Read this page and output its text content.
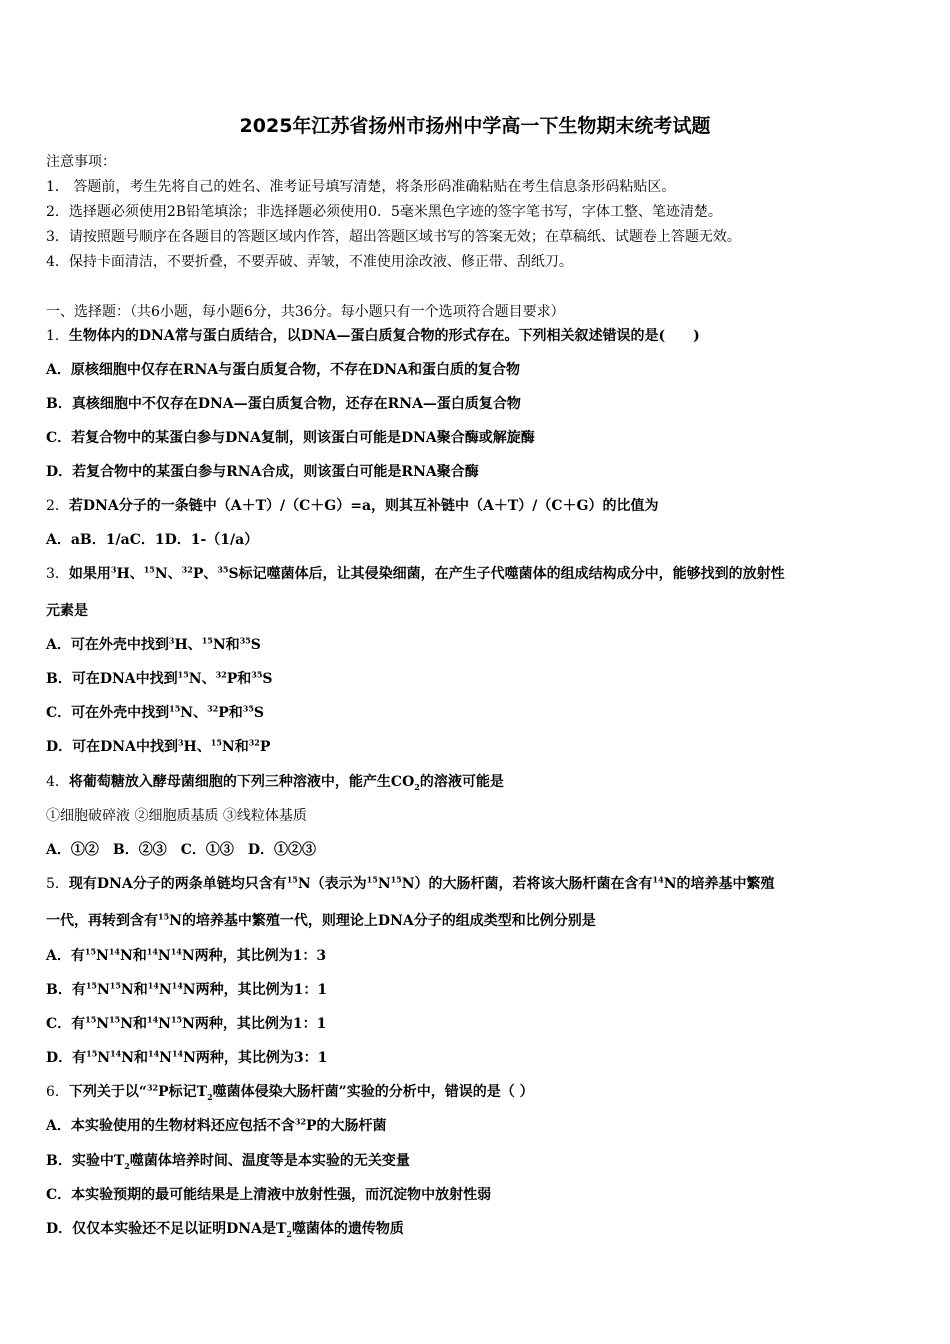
2025年江苏省扬州市扬州中学高一下生物期末统考试题
注意事项：
1． 答题前，考生先将自己的姓名、准考证号填写清楚，将条形码准确粘贴在考生信息条形码粘贴区。
2．选择题必须使用2B铅笔填涂；非选择题必须使用0．5毫米黑色字迹的签字笔书写，字体工整、笔迹清楚。
3．请按照题号顺序在各题目的答题区域内作答，超出答题区域书写的答案无效；在草稿纸、试题卷上答题无效。
4．保持卡面清洁，不要折叠，不要弄破、弄皱，不准使用涂改液、修正带、刮纸刀。
一、选择题：（共6小题，每小题6分，共36分。每小题只有一个选项符合题目要求）
1．生物体内的DNA常与蛋白质结合，以DNA—蛋白质复合物的形式存在。下列相关叙述错误的是(　　)
A．原核细胞中仅存在RNA与蛋白质复合物，不存在DNA和蛋白质的复合物
B．真核细胞中不仅存在DNA—蛋白质复合物，还存在RNA—蛋白质复合物
C．若复合物中的某蛋白参与DNA复制，则该蛋白可能是DNA聚合酶或解旋酶
D．若复合物中的某蛋白参与RNA合成，则该蛋白可能是RNA聚合酶
2．若DNA分子的一条链中（A＋T）/（C＋G）=a，则其互补链中（A＋T）/（C＋G）的比值为
A．aB．1/aC．1D．1-（1/a）
3．如果用$^3$H、$^{15}$N、$^{32}$P、$^{35}$S标记噬菌体后，让其侵染细菌，在产生子代噬菌体的组成结构成分中，能够找到的放射性
元素是
A．可在外壳中找到$^3$H、$^{15}$N和$^{35}$S
B．可在DNA中找到$^{15}$N、$^{32}$P和$^{35}$S
C．可在外壳中找到$^{15}$N、$^{32}$P和$^{35}$S
D．可在DNA中找到$^3$H、$^{15}$N和$^{32}$P
4．将葡萄糖放入酵母菌细胞的下列三种溶液中，能产生$CO_2$的溶液可能是
①细胞破碎液 ②细胞质基质 ③线粒体基质
A．①②　B．②③　C．①③　D．①②③
5．现有DNA分子的两条单链均只含有$^{15}$N（表示为$^{15}N^{15}N$）的大肠杆菌，若将该大肠杆菌在含有$^{14}$N的培养基中繁殖
一代，再转到含有$^{15}$N的培养基中繁殖一代，则理论上DNA分子的组成类型和比例分别是
A．有$^{15}N^{14}N$和$^{14}N^{14}N$两种，其比例为1：3
B．有$^{15}N^{15}N$和$^{14}N^{14}N$两种，其比例为1：1
C．有$^{15}N^{15}N$和$^{14}N^{15}N$两种，其比例为1：1
D．有$^{15}N^{14}N$和$^{14}N^{14}N$两种，其比例为3：1
6．下列关于以“$^{32}$P标记$T_2$噬菌体侵染大肠杆菌”实验的分析中，错误的是（ ）
A．本实验使用的生物材料还应包括不含$^{32}$P的大肠杆菌
B．实验中$T_2$噬菌体培养时间、温度等是本实验的无关变量
C．本实验预期的最可能结果是上清液中放射性强，而沉淀物中放射性弱
D．仅仅本实验还不足以证明DNA是$T_2$噬菌体的遗传物质
